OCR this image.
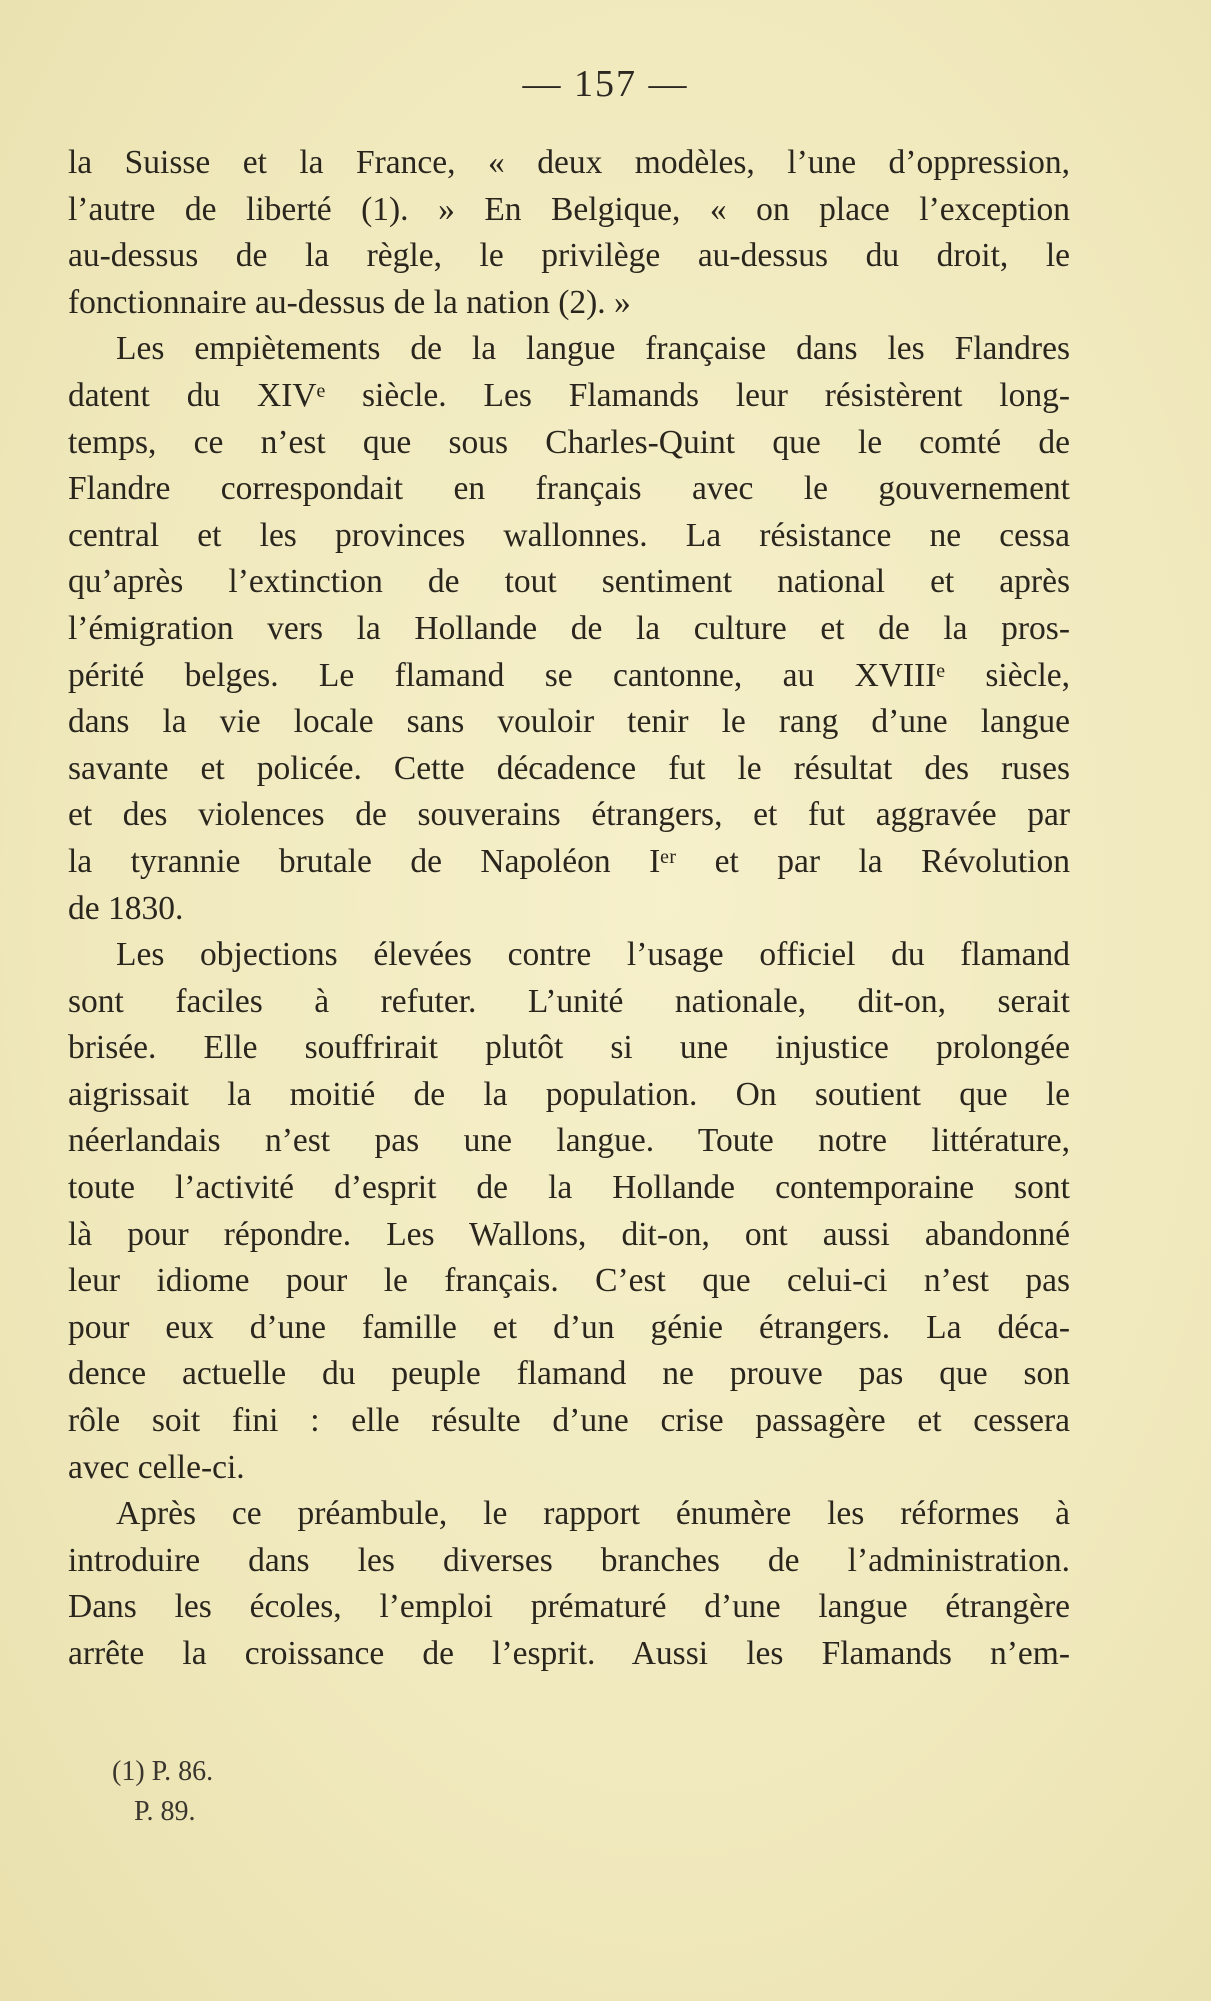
— 157 —
la Suisse et la France, « deux modèles, l’une d’oppression,
l’autre de liberté (1). » En Belgique, « on place l’exception
au-dessus de la règle, le privilège au-dessus du droit, le
fonctionnaire au-dessus de la nation (2). »
Les empiètements de la langue française dans les Flandres
datent du XIVᵉ siècle. Les Flamands leur résistèrent long-
temps, ce n’est que sous Charles-Quint que le comté de
Flandre correspondait en français avec le gouvernement
central et les provinces wallonnes. La résistance ne cessa
qu’après l’extinction de tout sentiment national et après
l’émigration vers la Hollande de la culture et de la pros-
périté belges. Le flamand se cantonne, au XVIIIᵉ siècle,
dans la vie locale sans vouloir tenir le rang d’une langue
savante et policée. Cette décadence fut le résultat des ruses
et des violences de souverains étrangers, et fut aggravée par
la tyrannie brutale de Napoléon Iᵉʳ et par la Révolution
de 1830.
Les objections élevées contre l’usage officiel du flamand
sont faciles à refuter. L’unité nationale, dit-on, serait
brisée. Elle souffrirait plutôt si une injustice prolongée
aigrissait la moitié de la population. On soutient que le
néerlandais n’est pas une langue. Toute notre littérature,
toute l’activité d’esprit de la Hollande contemporaine sont
là pour répondre. Les Wallons, dit-on, ont aussi abandonné
leur idiome pour le français. C’est que celui-ci n’est pas
pour eux d’une famille et d’un génie étrangers. La déca-
dence actuelle du peuple flamand ne prouve pas que son
rôle soit fini : elle résulte d’une crise passagère et cessera
avec celle-ci.
Après ce préambule, le rapport énumère les réformes à
introduire dans les diverses branches de l’administration.
Dans les écoles, l’emploi prématuré d’une langue étrangère
arrête la croissance de l’esprit. Aussi les Flamands n’em-
(1) P. 86.
P. 89.
